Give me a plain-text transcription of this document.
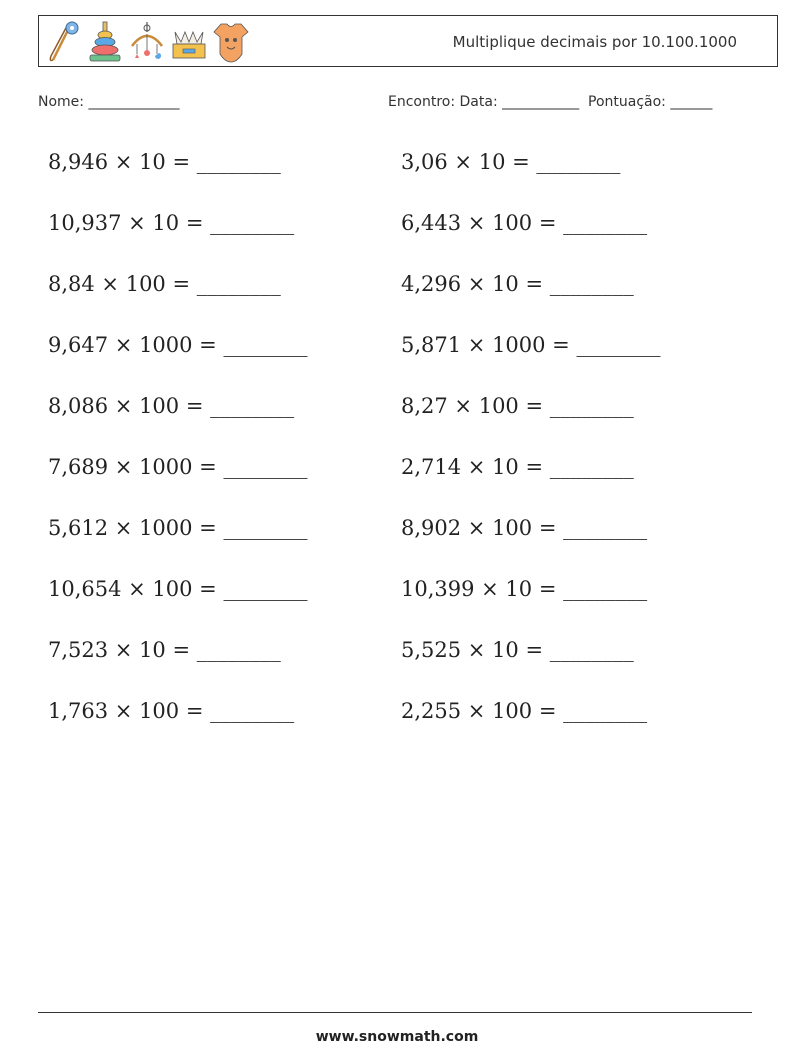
Multiplique decimais por 10.100.1000
Nome: _____________	Encontro: Data: ___________  Pontuação: ______
8,946 × 10 = ________	3,06 × 10 = ________
10,937 × 10 = ________	6,443 × 100 = ________
8,84 × 100 = ________	4,296 × 10 = ________
9,647 × 1000 = ________	5,871 × 1000 = ________
8,086 × 100 = ________	8,27 × 100 = ________
7,689 × 1000 = ________	2,714 × 10 = ________
5,612 × 1000 = ________	8,902 × 100 = ________
10,654 × 100 = ________	10,399 × 10 = ________
7,523 × 10 = ________	5,525 × 10 = ________
1,763 × 100 = ________	2,255 × 100 = ________
www.snowmath.com
